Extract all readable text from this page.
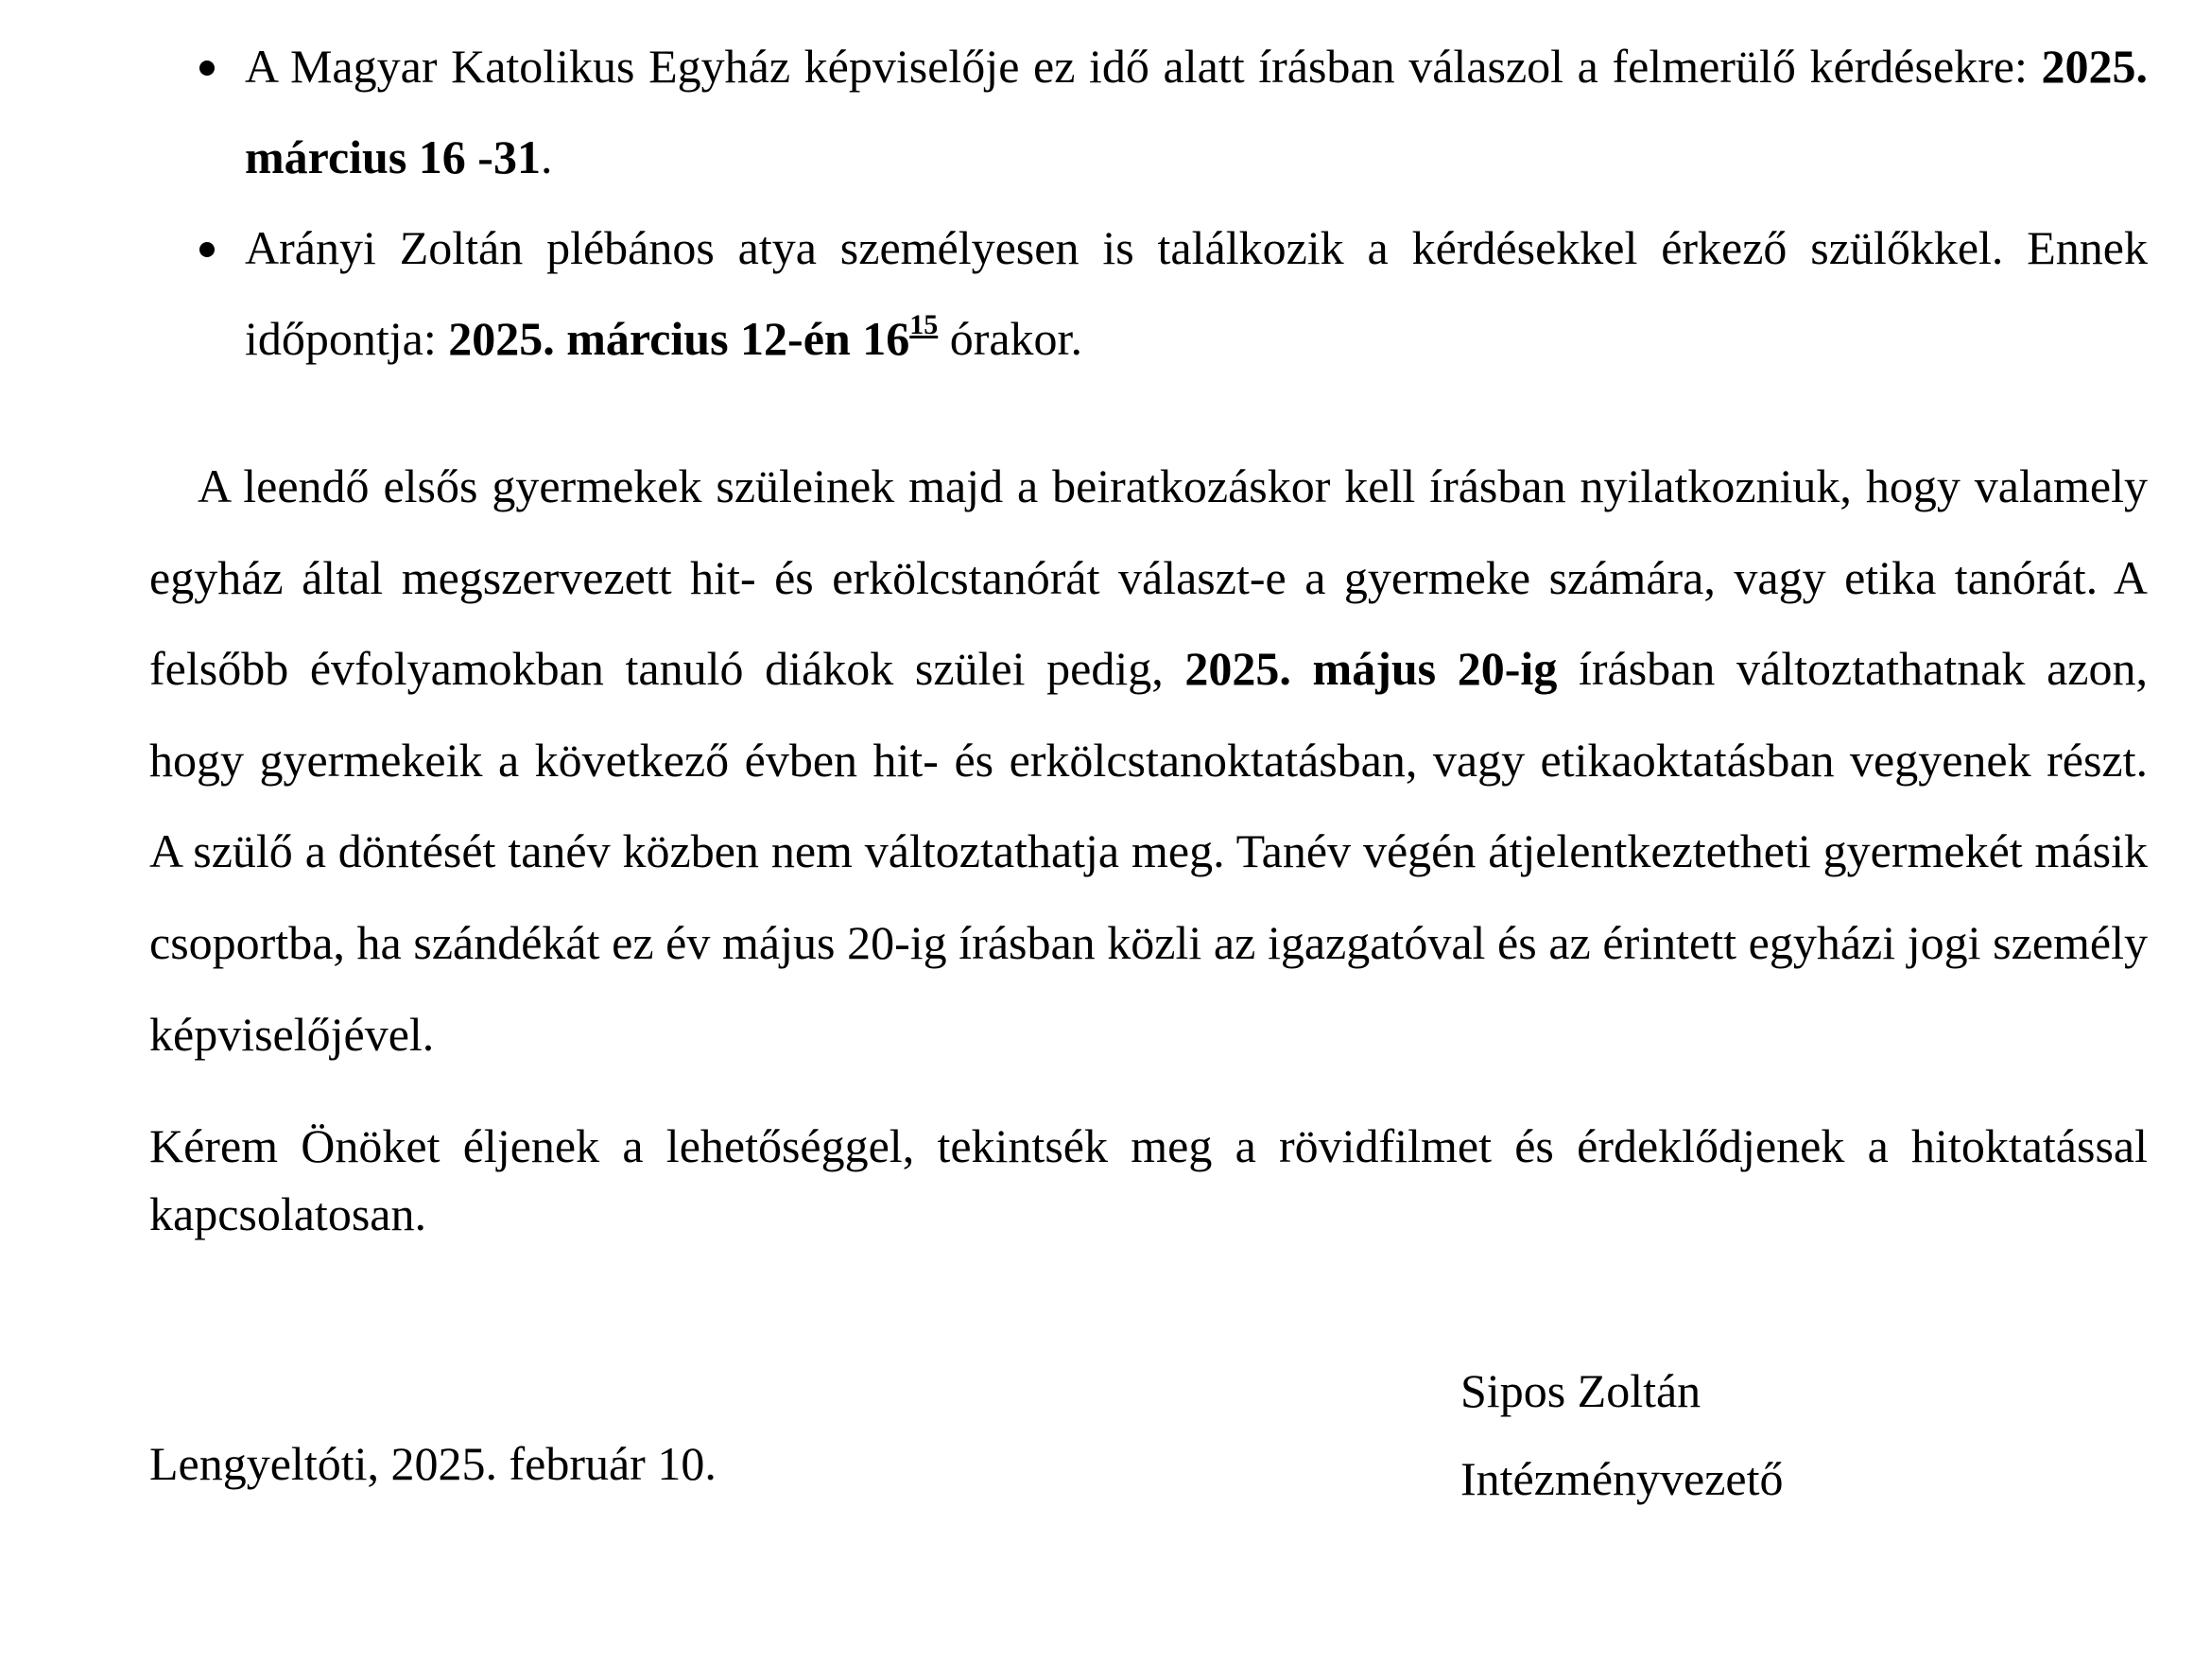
A Magyar Katolikus Egyház képviselője ez idő alatt írásban válaszol a felmerülő kérdésekre: 2025. március 16 -31.

Arányi Zoltán plébános atya személyesen is találkozik a kérdésekkel érkező szülőkkel. Ennek időpontja: 2025. március 12-én $16^{15}$ órakor.

A leendő elsős gyermekek szüleinek majd a beiratkozáskor kell írásban nyilatkozniuk, hogy valamely egyház által megszervezett hit- és erkölcstanórát választ-e a gyermeke számára, vagy etika tanórát. A felsőbb évfolyamokban tanuló diákok szülei pedig, 2025. május 20-ig írásban változtathatnak azon, hogy gyermekeik a következő évben hit- és erkölcstanoktatásban, vagy etikaoktatásban vegyenek részt. A szülő a döntését tanév közben nem változtathatja meg. Tanév végén átjelentkeztetheti gyermekét másik csoportba, ha szándékát ez év május 20-ig írásban közli az igazgatóval és az érintett egyházi jogi személy képviselőjével.

Kérem Önöket éljenek a lehetőséggel, tekintsék meg a rövidfilmet és érdeklődjenek a hitoktatással kapcsolatosan.

Lengyeltóti, 2025. február 10.

Sipos Zoltán
Intézményvezető
